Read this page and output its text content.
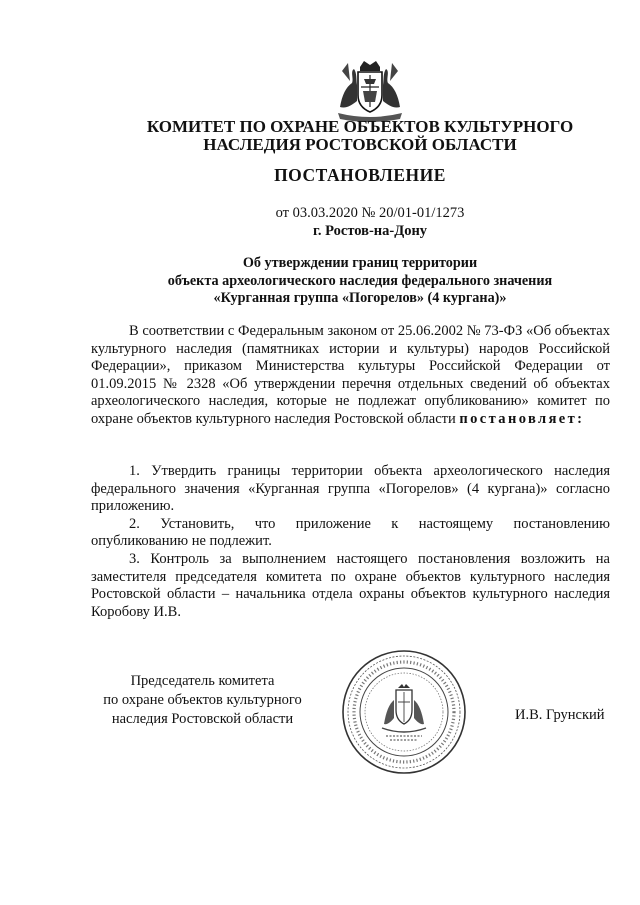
КОМИТЕТ ПО ОХРАНЕ ОБЪЕКТОВ КУЛЬТУРНОГО
НАСЛЕДИЯ РОСТОВСКОЙ ОБЛАСТИ
ПОСТАНОВЛЕНИЕ
от 03.03.2020 № 20/01-01/1273
г. Ростов-на-Дону
Об утверждении границ территории
объекта археологического наследия федерального значения
«Курганная группа «Погорелов» (4 кургана)»

В соответствии с Федеральным законом от 25.06.2002 № 73-ФЗ «Об объектах культурного наследия (памятниках истории и культуры) народов Российской Федерации», приказом Министерства культуры Российской Федерации от 01.09.2015 № 2328 «Об утверждении перечня отдельных сведений об объектах археологического наследия, которые не подлежат опубликованию» комитет по охране объектов культурного наследия Ростовской области постановляет:

1. Утвердить границы территории объекта археологического наследия федерального значения «Курганная группа «Погорелов» (4 кургана)» согласно приложению.

2. Установить, что приложение к настоящему постановлению опубликованию не подлежит.

3. Контроль за выполнением настоящего постановления возложить на заместителя председателя комитета по охране объектов культурного наследия Ростовской области – начальника отдела охраны объектов культурного наследия Коробову И.В.

Председатель комитета
по охране объектов культурного
наследия Ростовской области	И.В. Грунский
